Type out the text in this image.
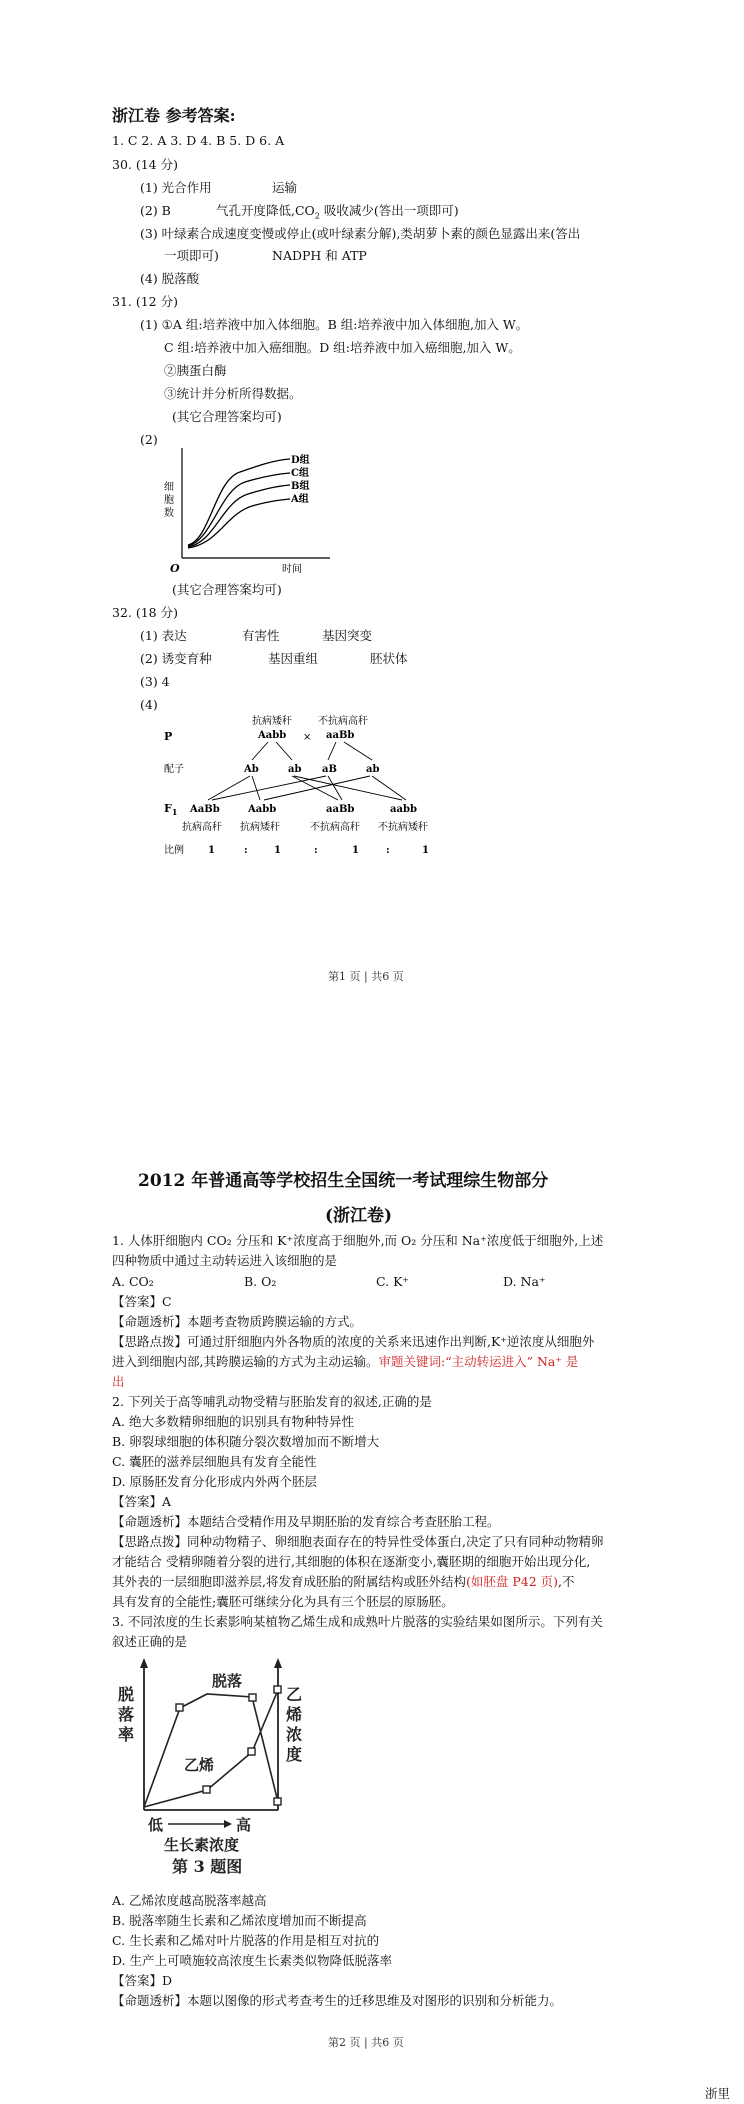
浙江卷 参考答案:
1. C 2. A 3. D 4. B 5. D 6. A
30. (14 分)
(1) 光合作用	运输
(2) B	气孔开度降低$,CO_2$ 吸收减少(答出一项即可)
(3) 叶绿素合成速度变慢或停止(或叶绿素分解),类胡萝卜素的颜色显露出来(答出
一项即可)	NADPH 和 ATP
(4) 脱落酸
31. (12 分)
(1) ①A 组:培养液中加入体细胞。B 组:培养液中加入体细胞,加入 W。
C 组:培养液中加入癌细胞。D 组:培养液中加入癌细胞,加入 W。
②胰蛋白酶
③统计并分析所得数据。
(其它合理答案均可)
(2)
细
胞
数
O	时间
D组
C组
B组
A组
(其它合理答案均可)
32. (18 分)
(1) 表达	有害性	基因突变
(2) 诱变育种	基因重组	胚状体
(3) 4
(4)
抗病矮秆	不抗病高秆
P	Aabb × aaBb
配子	Ab	ab aB	ab
$F_1$ AaBb	Aabb	aaBb	aabb
抗病高秆 抗病矮秆	不抗病高秆 不抗病矮秆
比例 1	:	1	:	1	:	1
第1 页 | 共6 页
2012 年普通高等学校招生全国统一考试理综生物部分
(浙江卷)
1. 人体肝细胞内 CO₂ 分压和 K⁺浓度高于细胞外,而 O₂ 分压和 Na⁺浓度低于细胞外,上述
四种物质中通过主动转运进入该细胞的是
A. CO₂	B. O₂	C. K⁺	D. Na⁺
【答案】C
【命题透析】本题考查物质跨膜运输的方式。
【思路点拨】可通过肝细胞内外各物质的浓度的关系来迅速作出判断,K⁺逆浓度从细胞外
进入到细胞内部,其跨膜运输的方式为主动运输。审题关键词:“主动转运进入” Na⁺ 是
出
2. 下列关于高等哺乳动物受精与胚胎发育的叙述,正确的是
A. 绝大多数精卵细胞的识别具有物种特异性
B. 卵裂球细胞的体积随分裂次数增加而不断增大
C. 囊胚的滋养层细胞具有发育全能性
D. 原肠胚发育分化形成内外两个胚层
【答案】A
【命题透析】本题结合受精作用及早期胚胎的发育综合考查胚胎工程。
【思路点拨】同种动物精子、卵细胞表面存在的特异性受体蛋白,决定了只有同种动物精卵
才能结合 受精卵随着分裂的进行,其细胞的体积在逐渐变小,囊胚期的细胞开始出现分化,
其外表的一层细胞即滋养层,将发育成胚胎的附属结构或胚外结构(如胚盘 P42 页),不
具有发育的全能性;囊胚可继续分化为具有三个胚层的原肠胚。
3. 不同浓度的生长素影响某植物乙烯生成和成熟叶片脱落的实验结果如图所示。下列有关
叙述正确的是
脱
落
率
乙
烯
浓
度
脱落
乙烯
低	高
生长素浓度
第 3 题图
A. 乙烯浓度越高脱落率越高
B. 脱落率随生长素和乙烯浓度增加而不断提高
C. 生长素和乙烯对叶片脱落的作用是相互对抗的
D. 生产上可喷施较高浓度生长素类似物降低脱落率
【答案】D
【命题透析】本题以图像的形式考查考生的迁移思维及对图形的识别和分析能力。
第2 页 | 共6 页
浙里
